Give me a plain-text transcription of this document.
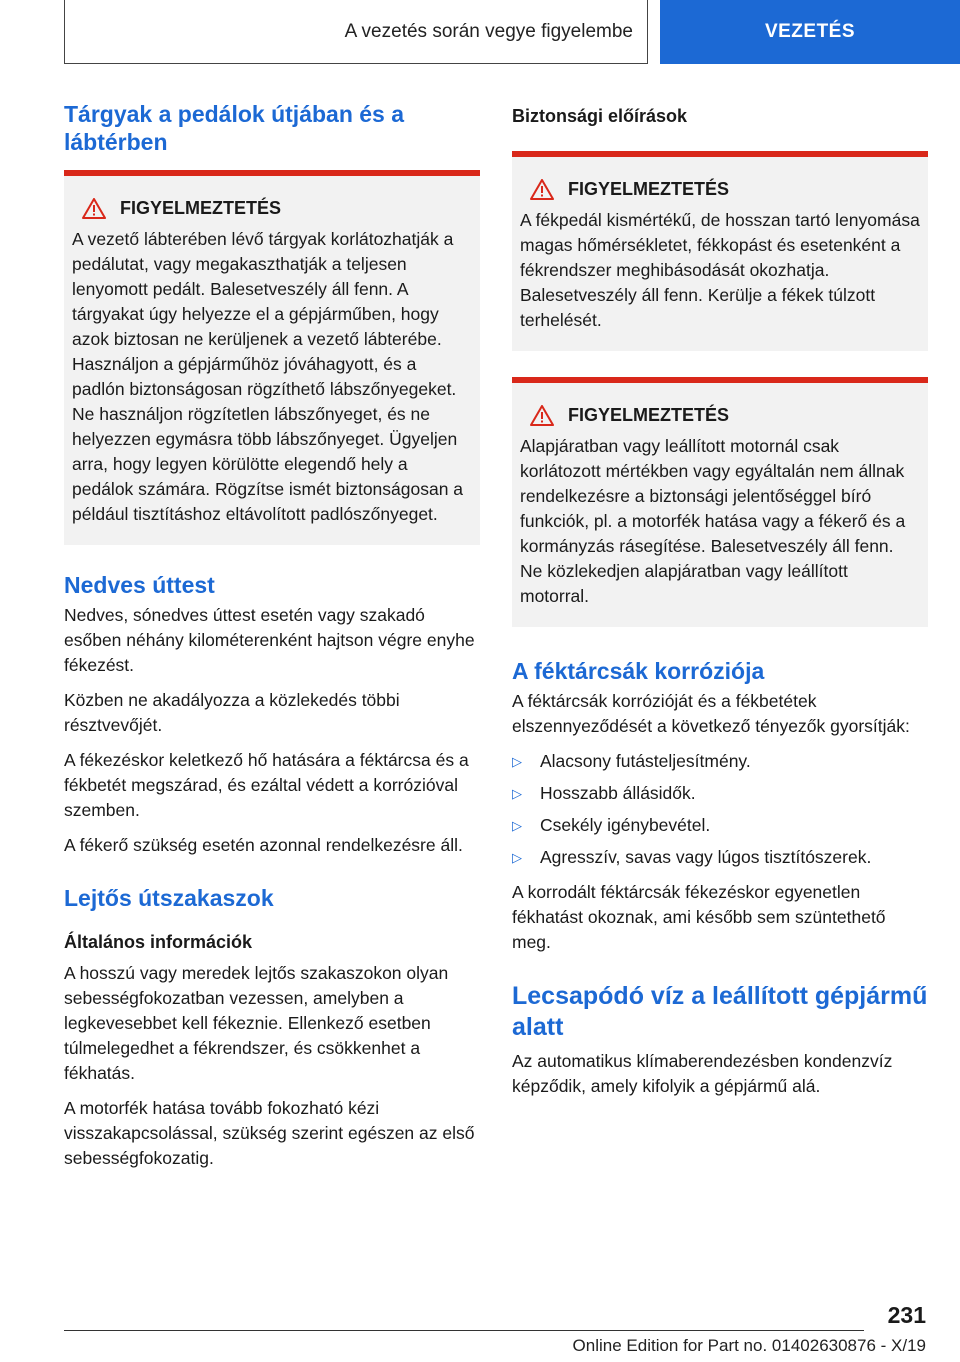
A vezetés során vegye figyelembe	VEZETÉS
Tárgyak a pedálok útjában és a lábtérben
FIGYELMEZTETÉS

A vezető lábterében lévő tárgyak korlátozhatják a pedálutat, vagy megakaszthatják a teljesen lenyomott pedált. Balesetveszély áll fenn. A tárgyakat úgy helyezze el a gépjárműben, hogy azok biztosan ne kerüljenek a vezető lábterébe. Használjon a gépjárműhöz jóváhagyott, és a padlón biztonságosan rögzíthető lábszőnyegeket. Ne használjon rögzítetlen lábszőnyeget, és ne helyezzen egymásra több lábszőnyeget. Ügyeljen arra, hogy legyen körülötte elegendő hely a pedálok számára. Rögzítse ismét biztonságosan a például tisztításhoz eltávolított padlószőnyeget.

Nedves úttest

Nedves, sónedves úttest esetén vagy szakadó esőben néhány kilométerenként hajtson végre enyhe fékezést.

Közben ne akadályozza a közlekedés többi résztvevőjét.

A fékezéskor keletkező hő hatására a féktárcsa és a fékbetét megszárad, és ezáltal védett a korrózióval szemben.

A fékerő szükség esetén azonnal rendelkezésre áll.

Lejtős útszakaszok
Általános információk

A hosszú vagy meredek lejtős szakaszokon olyan sebességfokozatban vezessen, amelyben a legkevesebbet kell fékeznie. Ellenkező esetben túlmelegedhet a fékrendszer, és csökkenhet a fékhatás.

A motorfék hatása tovább fokozható kézi visszakapcsolással, szükség szerint egészen az első sebességfokozatig.

Biztonsági előírások
FIGYELMEZTETÉS

A fékpedál kismértékű, de hosszan tartó lenyomása magas hőmérsékletet, fékkopást és esetenként a fékrendszer meghibásodását okozhatja. Balesetveszély áll fenn. Kerülje a fékek túlzott terhelését.

FIGYELMEZTETÉS

Alapjáratban vagy leállított motornál csak korlátozott mértékben vagy egyáltalán nem állnak rendelkezésre a biztonsági jelentőséggel bíró funkciók, pl. a motorfék hatása vagy a fékerő és a kormányzás rásegítése. Balesetveszély áll fenn. Ne közlekedjen alapjáratban vagy leállított motorral.

A féktárcsák korróziója

A féktárcsák korrózióját és a fékbetétek elszennyeződését a következő tényezők gyorsítják:

▷	Alacsony futásteljesítmény.
▷	Hosszabb állásidők.
▷	Csekély igénybevétel.
▷	Agresszív, savas vagy lúgos tisztítószerek.

A korrodált féktárcsák fékezéskor egyenetlen fékhatást okoznak, ami később sem szüntethető meg.

Lecsapódó víz a leállított gépjármű alatt

Az automatikus klímaberendezésben kondenzvíz képződik, amely kifolyik a gépjármű alá.

231
Online Edition for Part no. 01402630876 - X/19
